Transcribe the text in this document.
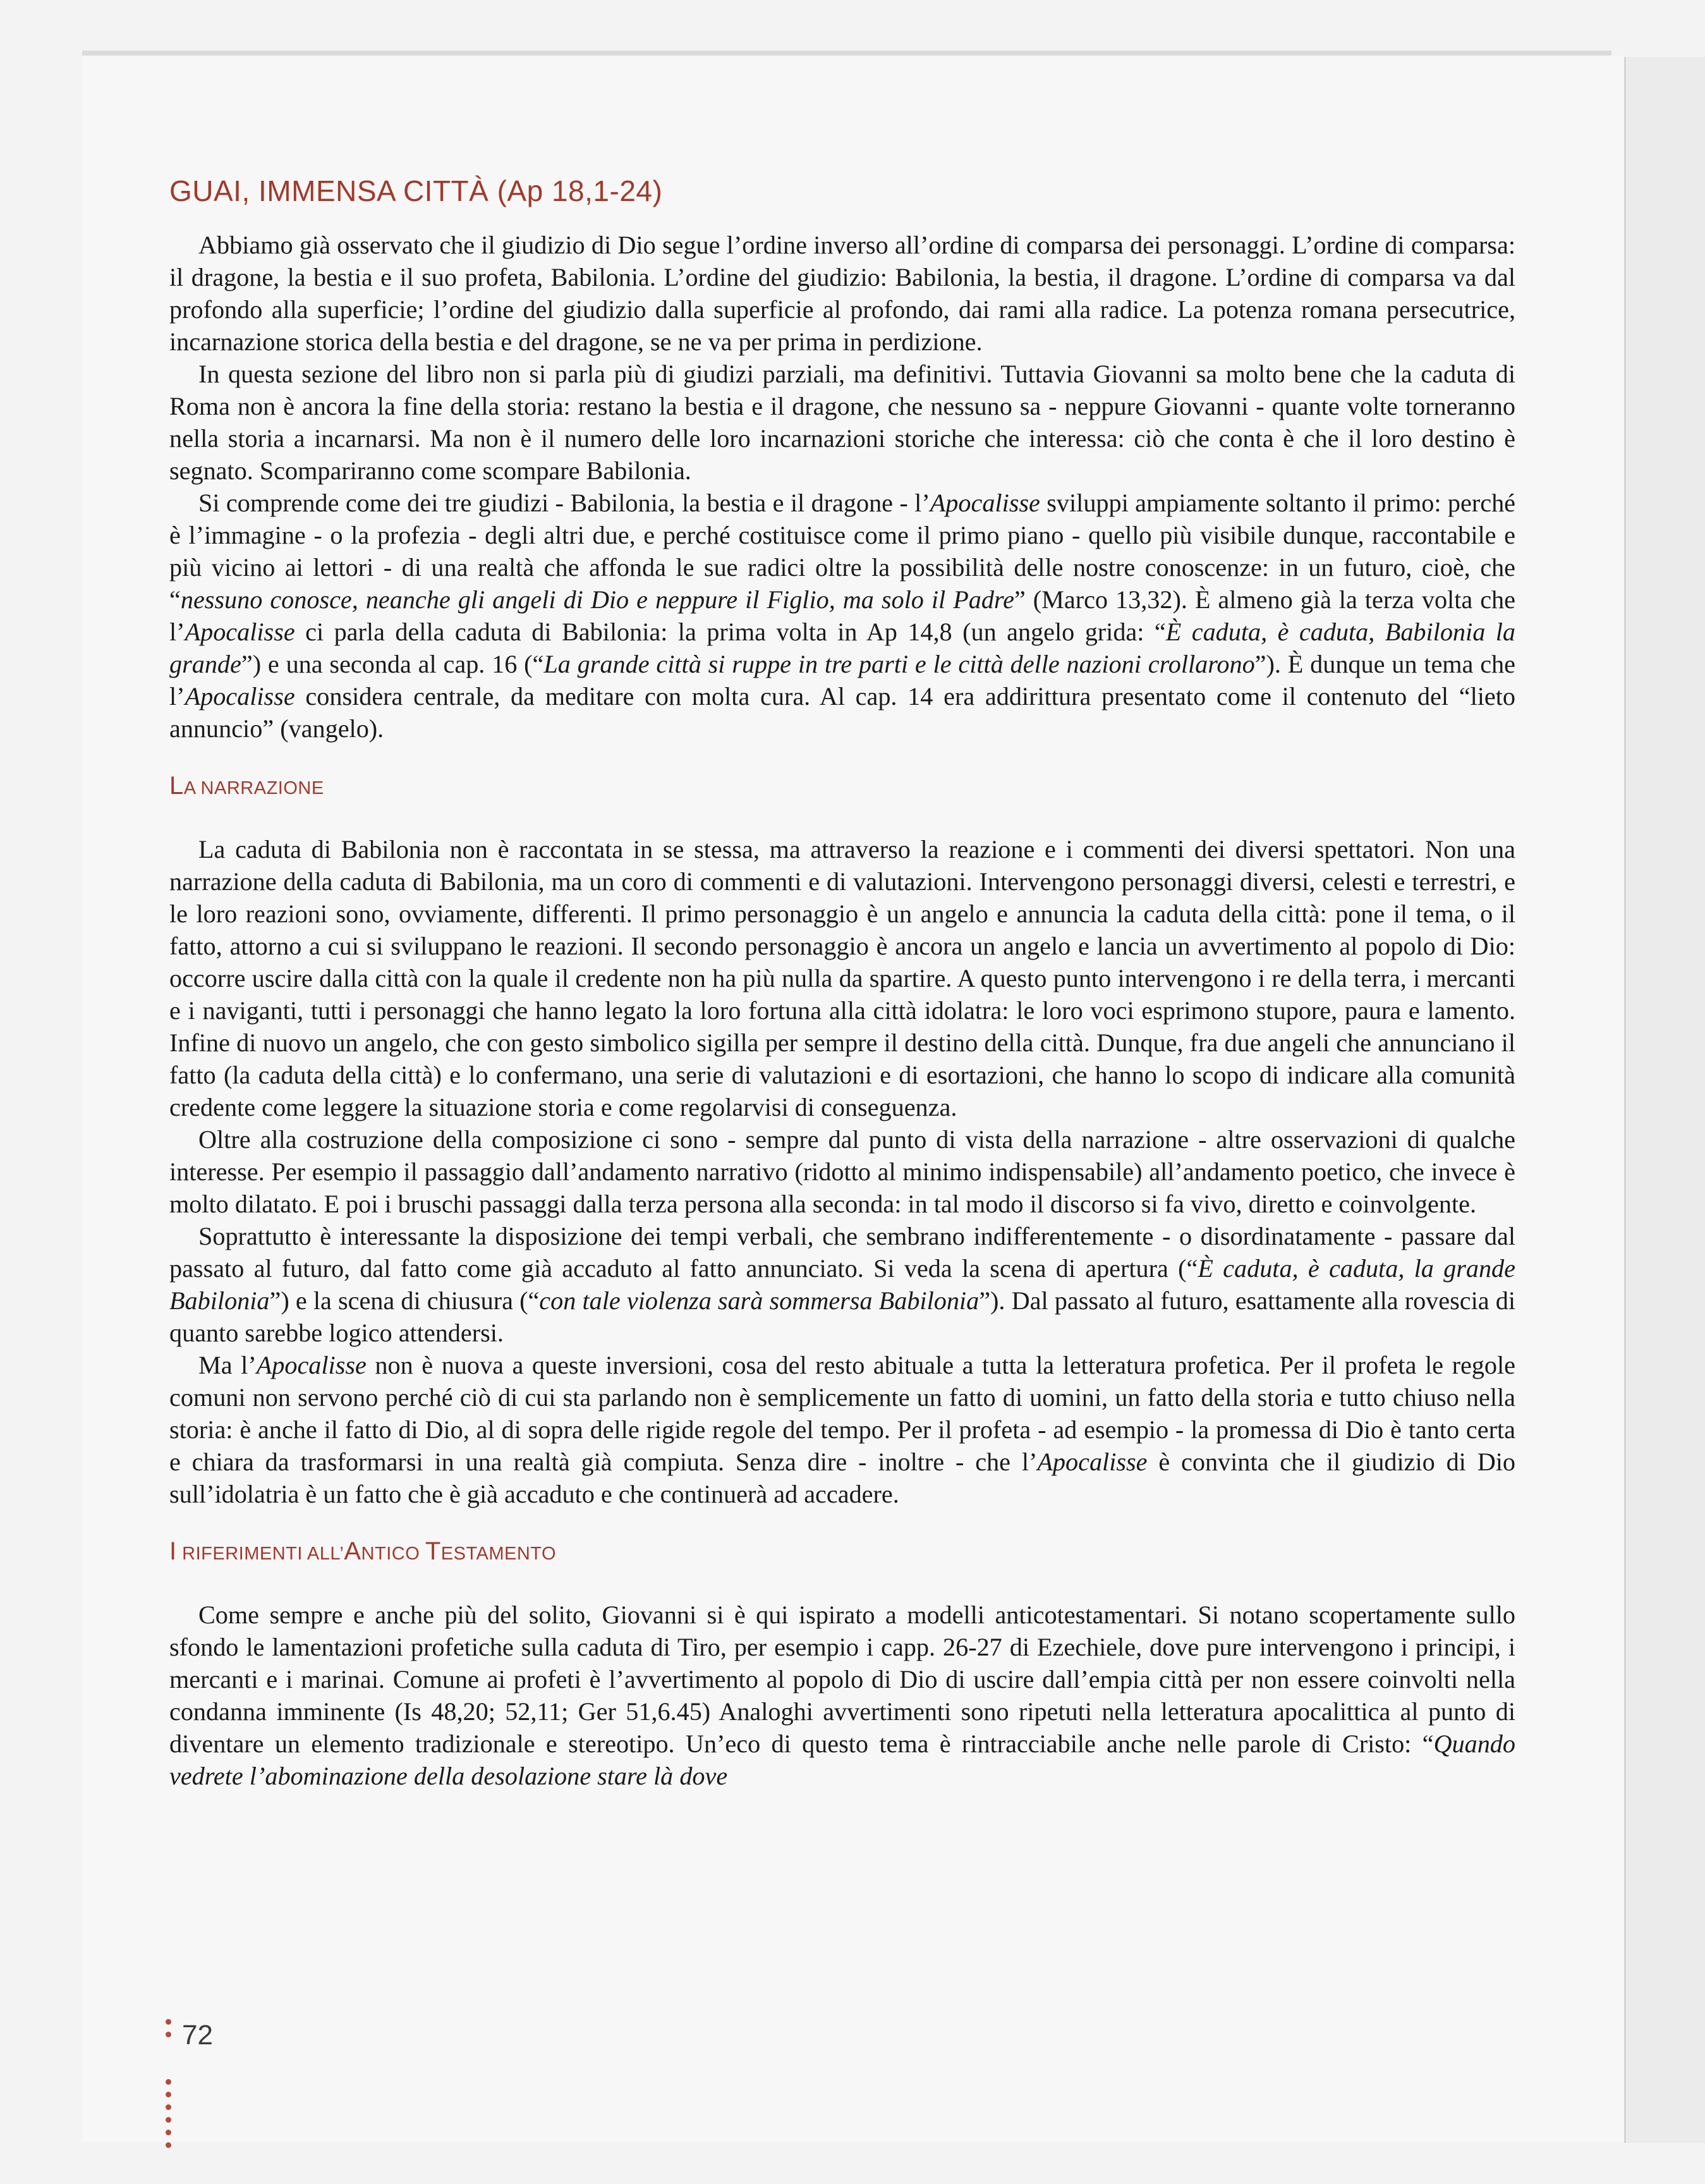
GUAI, IMMENSA CITTÀ (Ap 18,1-24)

Abbiamo già osservato che il giudizio di Dio segue l’ordine inverso all’ordine di comparsa dei personaggi. L’ordine di comparsa: il dragone, la bestia e il suo profeta, Babilonia. L’ordine del giudizio: Babilonia, la bestia, il dragone. L’ordine di comparsa va dal profondo alla superficie; l’ordine del giudizio dalla superficie al profondo, dai rami alla radice. La potenza romana persecutrice, incarnazione storica della bestia e del dragone, se ne va per prima in perdizione.

In questa sezione del libro non si parla più di giudizi parziali, ma definitivi. Tuttavia Giovanni sa molto bene che la caduta di Roma non è ancora la fine della storia: restano la bestia e il dragone, che nessuno sa - neppure Giovanni - quante volte torneranno nella storia a incarnarsi. Ma non è il numero delle loro incarnazioni storiche che interessa: ciò che conta è che il loro destino è segnato. Scompariranno come scompare Babilonia.

Si comprende come dei tre giudizi - Babilonia, la bestia e il dragone - l’Apocalisse sviluppi ampiamente soltanto il primo: perché è l’immagine - o la profezia - degli altri due, e perché costituisce come il primo piano - quello più visibile dunque, raccontabile e più vicino ai lettori - di una realtà che affonda le sue radici oltre la possibilità delle nostre conoscenze: in un futuro, cioè, che “nessuno conosce, neanche gli angeli di Dio e neppure il Figlio, ma solo il Padre” (Marco 13,32). È almeno già la terza volta che l’Apocalisse ci parla della caduta di Babilonia: la prima volta in Ap 14,8 (un angelo grida: “È caduta, è caduta, Babilonia la grande”) e una seconda al cap. 16 (“La grande città si ruppe in tre parti e le città delle nazioni crollarono”). È dunque un tema che l’Apocalisse considera centrale, da meditare con molta cura. Al cap. 14 era addirittura presentato come il contenuto del “lieto annuncio” (vangelo).

LA NARRAZIONE

La caduta di Babilonia non è raccontata in se stessa, ma attraverso la reazione e i commenti dei diversi spettatori. Non una narrazione della caduta di Babilonia, ma un coro di commenti e di valutazioni. Intervengono personaggi diversi, celesti e terrestri, e le loro reazioni sono, ovviamente, differenti. Il primo personaggio è un angelo e annuncia la caduta della città: pone il tema, o il fatto, attorno a cui si sviluppano le reazioni. Il secondo personaggio è ancora un angelo e lancia un avvertimento al popolo di Dio: occorre uscire dalla città con la quale il credente non ha più nulla da spartire. A questo punto intervengono i re della terra, i mercanti e i naviganti, tutti i personaggi che hanno legato la loro fortuna alla città idolatra: le loro voci esprimono stupore, paura e lamento. Infine di nuovo un angelo, che con gesto simbolico sigilla per sempre il destino della città. Dunque, fra due angeli che annunciano il fatto (la caduta della città) e lo confermano, una serie di valutazioni e di esortazioni, che hanno lo scopo di indicare alla comunità credente come leggere la situazione storia e come regolarvisi di conseguenza.

Oltre alla costruzione della composizione ci sono - sempre dal punto di vista della narrazione - altre osservazioni di qualche interesse. Per esempio il passaggio dall’andamento narrativo (ridotto al minimo indispensabile) all’andamento poetico, che invece è molto dilatato. E poi i bruschi passaggi dalla terza persona alla seconda: in tal modo il discorso si fa vivo, diretto e coinvolgente.

Soprattutto è interessante la disposizione dei tempi verbali, che sembrano indifferentemente - o disordinatamente - passare dal passato al futuro, dal fatto come già accaduto al fatto annunciato. Si veda la scena di apertura (“È caduta, è caduta, la grande Babilonia”) e la scena di chiusura (“con tale violenza sarà sommersa Babilonia”). Dal passato al futuro, esattamente alla rovescia di quanto sarebbe logico attendersi.

Ma l’Apocalisse non è nuova a queste inversioni, cosa del resto abituale a tutta la letteratura profetica. Per il profeta le regole comuni non servono perché ciò di cui sta parlando non è semplicemente un fatto di uomini, un fatto della storia e tutto chiuso nella storia: è anche il fatto di Dio, al di sopra delle rigide regole del tempo. Per il profeta - ad esempio - la promessa di Dio è tanto certa e chiara da trasformarsi in una realtà già compiuta. Senza dire - inoltre - che l’Apocalisse è convinta che il giudizio di Dio sull’idolatria è un fatto che è già accaduto e che continuerà ad accadere.

I RIFERIMENTI ALL’ANTICO TESTAMENTO

Come sempre e anche più del solito, Giovanni si è qui ispirato a modelli anticotestamentari. Si notano scopertamente sullo sfondo le lamentazioni profetiche sulla caduta di Tiro, per esempio i capp. 26-27 di Ezechiele, dove pure intervengono i principi, i mercanti e i marinai. Comune ai profeti è l’avvertimento al popolo di Dio di uscire dall’empia città per non essere coinvolti nella condanna imminente (Is 48,20; 52,11; Ger 51,6.45) Analoghi avvertimenti sono ripetuti nella letteratura apocalittica al punto di diventare un elemento tradizionale e stereotipo. Un’eco di questo tema è rintracciabile anche nelle parole di Cristo: “Quando vedrete l’abominazione della desolazione stare là dove

72
